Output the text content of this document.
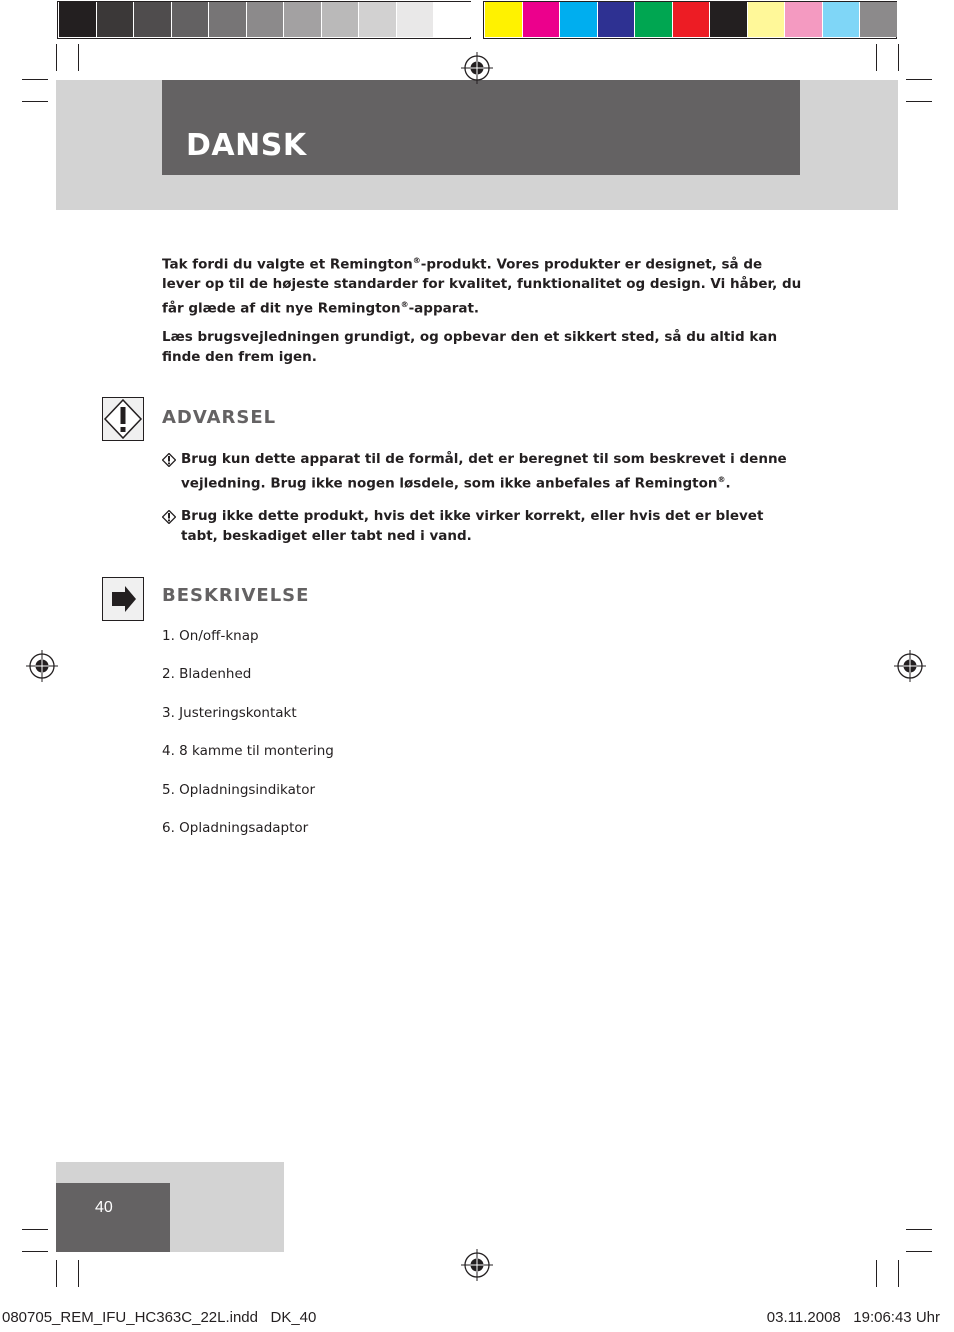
DANSK

Tak fordi du valgte et Remington®-produkt. Vores produkter er designet, så de lever op til de højeste standarder for kvalitet, funktionalitet og design. Vi håber, du får glæde af dit nye Remington®-apparat.

Læs brugsvejledningen grundigt, og opbevar den et sikkert sted, så du altid kan finde den frem igen.

ADVARSEL
Brug kun dette apparat til de formål, det er beregnet til som beskrevet i denne vejledning. Brug ikke nogen løsdele, som ikke anbefales af Remington®.
Brug ikke dette produkt, hvis det ikke virker korrekt, eller hvis det er blevet tabt, beskadiget eller tabt ned i vand.
BESKRIVELSE
1. On/off-knap
2. Bladenhed
3. Justeringskontakt
4. 8 kamme til montering
5. Opladningsindikator
6. Opladningsadaptor
40
080705_REM_IFU_HC363C_22L.indd   DK_40	03.11.2008   19:06:43 Uhr
